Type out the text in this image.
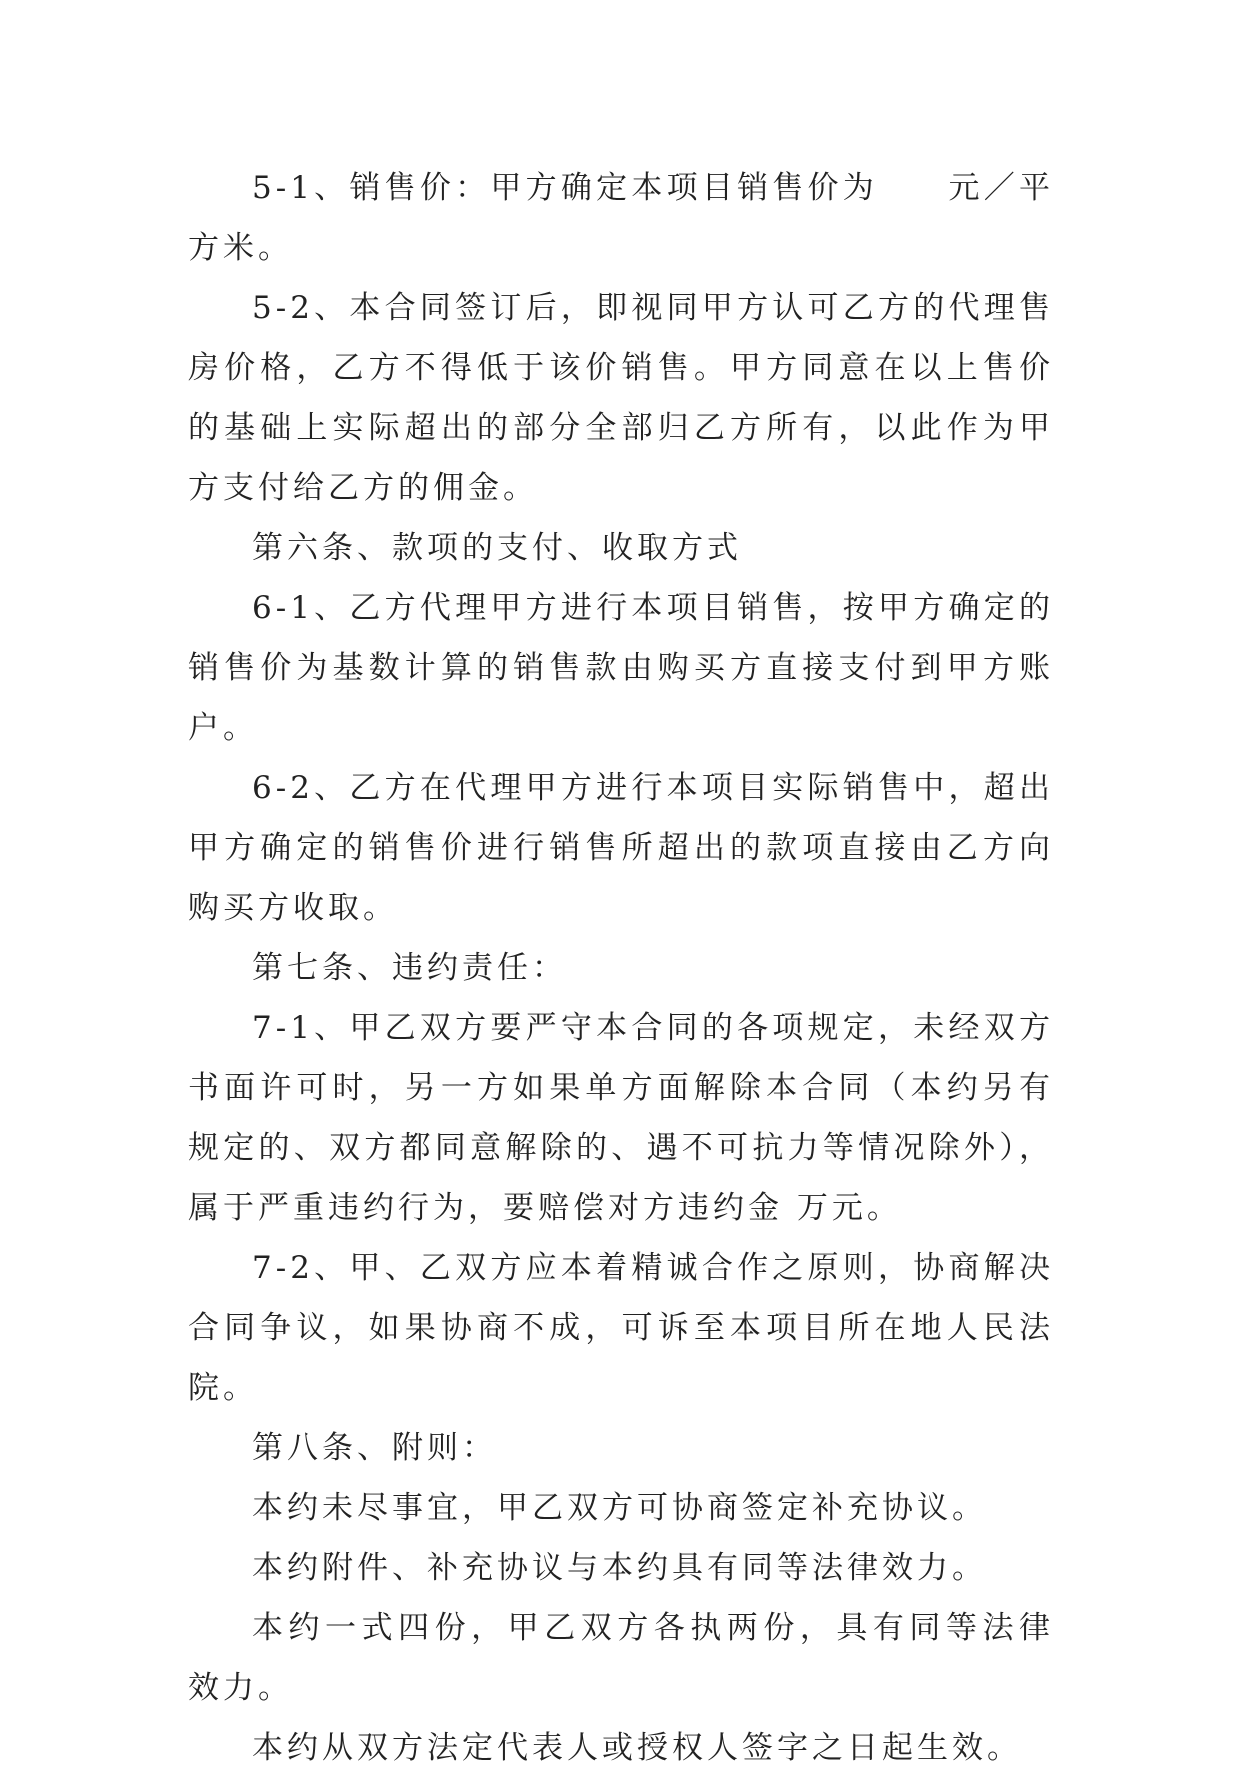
5-1、销售价：甲方确定本项目销售价为　　元／平方米。

5-2、本合同签订后，即视同甲方认可乙方的代理售房价格，乙方不得低于该价销售。甲方同意在以上售价的基础上实际超出的部分全部归乙方所有，以此作为甲方支付给乙方的佣金。

第六条、款项的支付、收取方式

6-1、乙方代理甲方进行本项目销售，按甲方确定的销售价为基数计算的销售款由购买方直接支付到甲方账户。

6-2、乙方在代理甲方进行本项目实际销售中，超出甲方确定的销售价进行销售所超出的款项直接由乙方向购买方收取。

第七条、违约责任：

7-1、甲乙双方要严守本合同的各项规定，未经双方书面许可时，另一方如果单方面解除本合同（本约另有规定的、双方都同意解除的、遇不可抗力等情况除外），属于严重违约行为，要赔偿对方违约金 万元。

7-2、甲、乙双方应本着精诚合作之原则，协商解决合同争议，如果协商不成，可诉至本项目所在地人民法院。

第八条、附则：

本约未尽事宜，甲乙双方可协商签定补充协议。

本约附件、补充协议与本约具有同等法律效力。

本约一式四份，甲乙双方各执两份，具有同等法律效力。

本约从双方法定代表人或授权人签字之日起生效。
